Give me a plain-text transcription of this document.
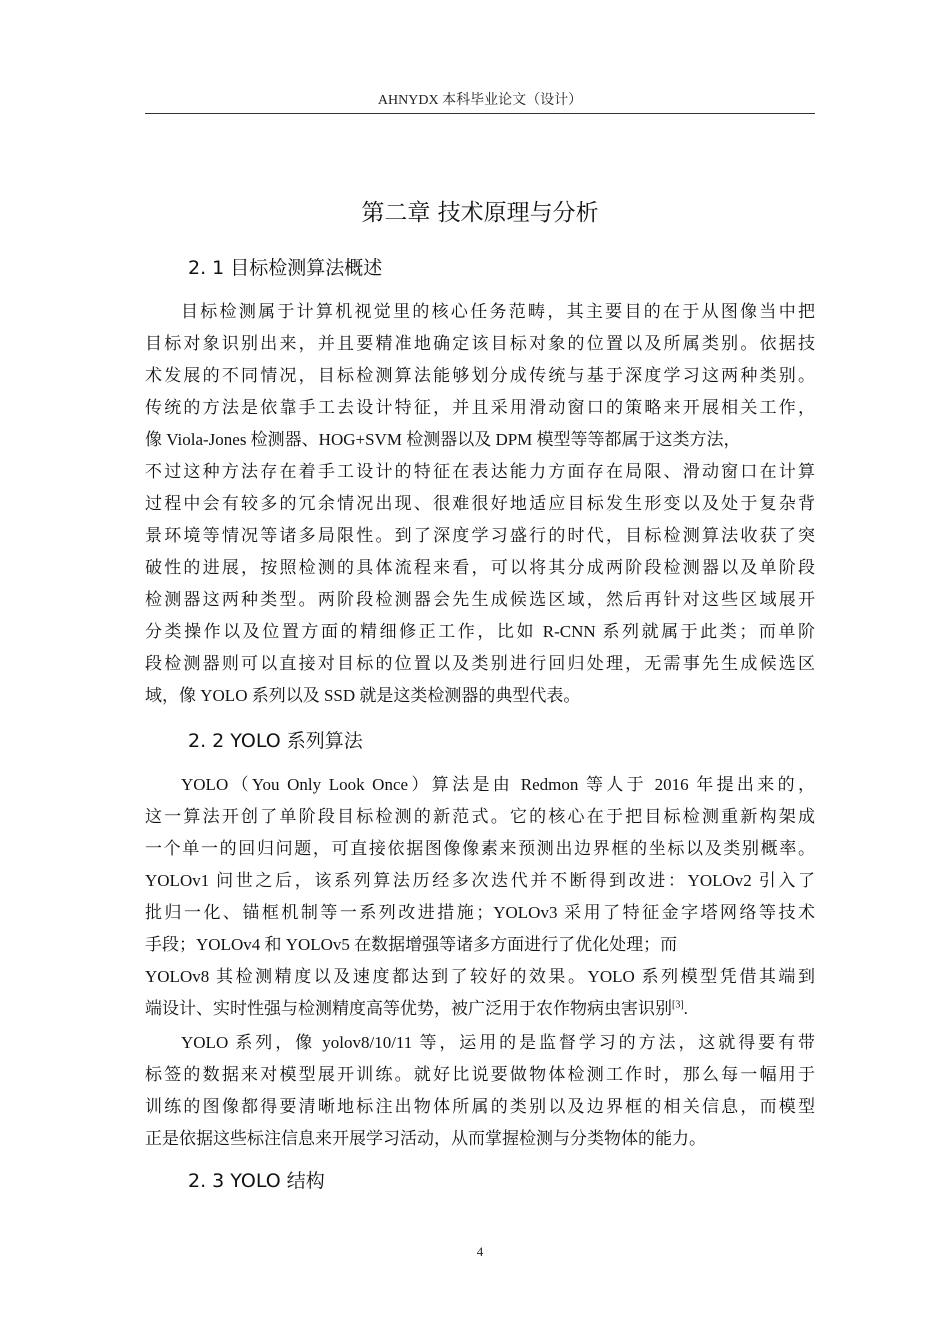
AHNYDX 本科毕业论文（设计）
第二章 技术原理与分析
2. 1 目标检测算法概述
目标检测属于计算机视觉里的核心任务范畴，其主要目的在于从图像当中把
目标对象识别出来，并且要精准地确定该目标对象的位置以及所属类别。依据技
术发展的不同情况，目标检测算法能够划分成传统与基于深度学习这两种类别。
传统的方法是依靠手工去设计特征，并且采用滑动窗口的策略来开展相关工作，
像 Viola-Jones 检测器、HOG+SVM 检测器以及 DPM 模型等等都属于这类方法，
不过这种方法存在着手工设计的特征在表达能力方面存在局限、滑动窗口在计算
过程中会有较多的冗余情况出现、很难很好地适应目标发生形变以及处于复杂背
景环境等情况等诸多局限性。到了深度学习盛行的时代，目标检测算法收获了突
破性的进展，按照检测的具体流程来看，可以将其分成两阶段检测器以及单阶段
检测器这两种类型。两阶段检测器会先生成候选区域，然后再针对这些区域展开
分类操作以及位置方面的精细修正工作，比如 R-CNN 系列就属于此类；而单阶
段检测器则可以直接对目标的位置以及类别进行回归处理，无需事先生成候选区
域，像 YOLO 系列以及 SSD 就是这类检测器的典型代表。
2. 2 YOLO 系列算法
YOLO（You Only Look Once）算法是由 Redmon 等人于 2016 年提出来的，
这一算法开创了单阶段目标检测的新范式。它的核心在于把目标检测重新构架成
一个单一的回归问题，可直接依据图像像素来预测出边界框的坐标以及类别概率。
YOLOv1 问世之后，该系列算法历经多次迭代并不断得到改进：YOLOv2 引入了
批归一化、锚框机制等一系列改进措施；YOLOv3 采用了特征金字塔网络等技术
手段；YOLOv4 和 YOLOv5 在数据增强等诸多方面进行了优化处理；而
YOLOv8 其检测精度以及速度都达到了较好的效果。YOLO 系列模型凭借其端到
端设计、实时性强与检测精度高等优势，被广泛用于农作物病虫害识别[3].
YOLO 系列，像 yolov8/10/11 等，运用的是监督学习的方法，这就得要有带
标签的数据来对模型展开训练。就好比说要做物体检测工作时，那么每一幅用于
训练的图像都得要清晰地标注出物体所属的类别以及边界框的相关信息，而模型
正是依据这些标注信息来开展学习活动，从而掌握检测与分类物体的能力。
2. 3 YOLO 结构
4
